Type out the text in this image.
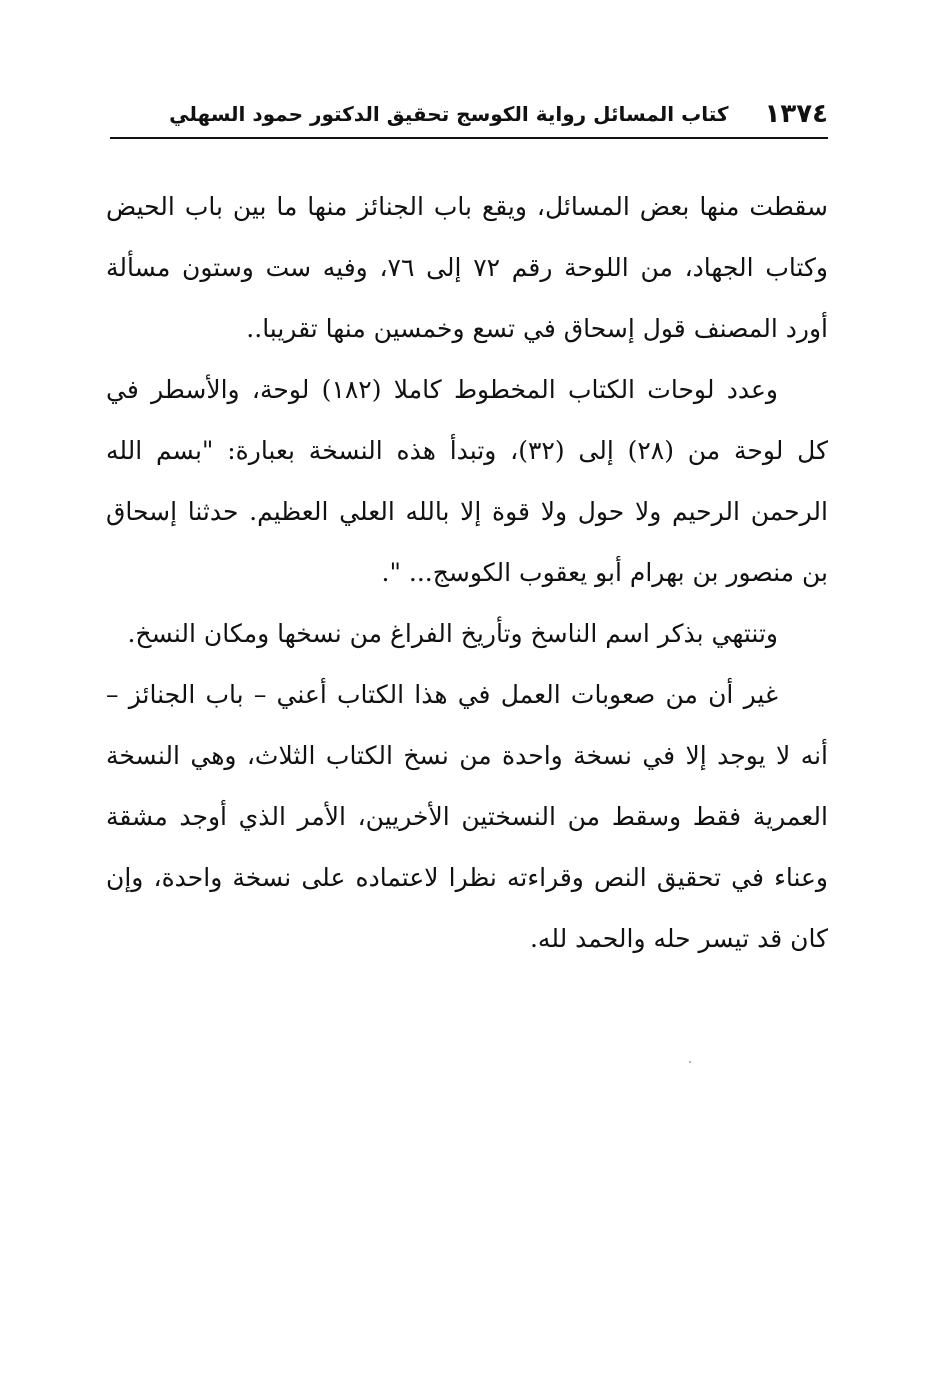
١٣٧٤
كتاب المسائل رواية الكوسج تحقيق الدكتور حمود السهلي

سقطت منها بعض المسائل، ويقع باب الجنائز منها ما بين باب الحيض وكتاب الجهاد، من اللوحة رقم ٧٢ إلى ٧٦، وفيه ست وستون مسألة أورد المصنف قول إسحاق في تسع وخمسين منها تقريبا..

وعدد لوحات الكتاب المخطوط كاملا (١٨٢) لوحة، والأسطر في كل لوحة من (٢٨) إلى (٣٢)، وتبدأ هذه النسخة بعبارة: "بسم الله الرحمن الرحيم ولا حول ولا قوة إلا بالله العلي العظيم. حدثنا إسحاق بن منصور بن بهرام أبو يعقوب الكوسج... ".

وتنتهي بذكر اسم الناسخ وتأريخ الفراغ من نسخها ومكان النسخ.

غير أن من صعوبات العمل في هذا الكتاب أعني – باب الجنائز – أنه لا يوجد إلا في نسخة واحدة من نسخ الكتاب الثلاث، وهي النسخة العمرية فقط وسقط من النسختين الأخريين، الأمر الذي أوجد مشقة وعناء في تحقيق النص وقراءته نظرا لاعتماده على نسخة واحدة، وإن كان قد تيسر حله والحمد لله.
